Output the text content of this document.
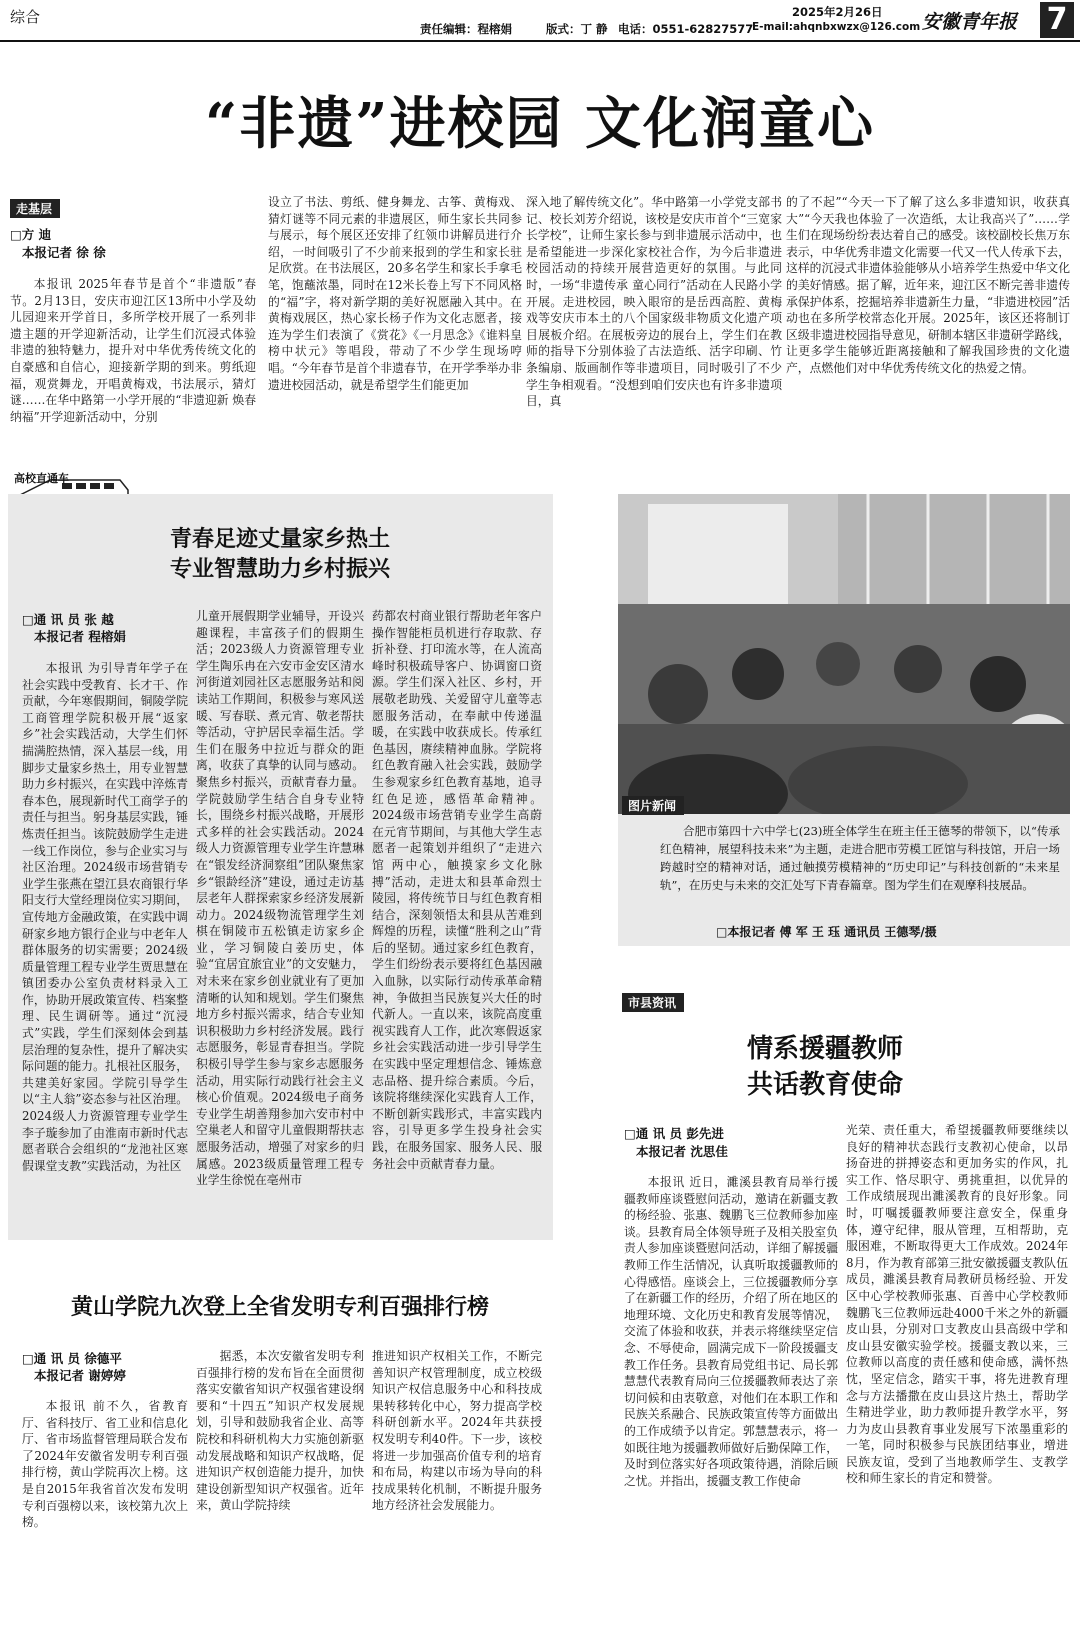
综合	2025年2月26日
责任编辑：程榕娟	版式：丁 静 电话：0551-62827577
E-mail:ahqnbxwzx@126.com 安徽青年报 7
“非遗”进校园 文化润童心
走基层
□方 迪
本报记者 徐 徐

本报讯 2025年春节是首个“非遗版”春节。2月13日，安庆市迎江区13所中小学及幼儿园迎来开学首日，多所学校开展了一系列非遗主题的开学迎新活动，让学生们沉浸式体验非遗的独特魅力，提升对中华优秀传统文化的自豪感和自信心，迎接新学期的到来。剪纸迎福，观赏舞龙，开唱黄梅戏，书法展示，猜灯谜……在华中路第一小学开展的“非遗迎新 焕春纳福”开学迎新活动中，分别

设立了书法、剪纸、健身舞龙、古筝、黄梅戏、猜灯谜等不同元素的非遗展区，师生家长共同参与展示，每个展区还安排了红领巾讲解员进行介绍，一时间吸引了不少前来报到的学生和家长驻足欣赏。在书法展区，20多名学生和家长手拿毛笔，饱蘸浓墨，同时在12米长卷上写下不同风格的“福”字，将对新学期的美好祝愿融入其中。在黄梅戏展区，热心家长杨子作为文化志愿者，接连为学生们表演了《赏花》《一月思念》《谁料皇榜中状元》等唱段，带动了不少学生现场哼唱。“今年春节是首个非遗春节，在开学季举办非遗进校园活动，就是希望学生们能更加

深入地了解传统文化”。华中路第一小学党支部书记、校长刘芳介绍说，该校是安庆市首个“三宽家长学校”，让师生家长参与到非遗展示活动中，也是希望能进一步深化家校社合作，为今后非遗进校园活动的持续开展营造更好的氛围。与此同时，一场“非遗传承 童心同行”活动在人民路小学开展。走进校园，映入眼帘的是岳西高腔、黄梅戏等安庆市本土的八个国家级非物质文化遗产项目展板介绍。在展板旁边的展台上，学生们在教师的指导下分别体验了古法造纸、活字印刷、竹条编扇、版画制作等非遗项目，同时吸引了不少学生争相观看。“没想到咱们安庆也有许多非遗项目，真

的了不起”“今天一下了解了这么多非遗知识，收获真大”“今天我也体验了一次造纸，太让我高兴了”……学生们在现场纷纷表达着自己的感受。该校副校长焦万东表示，中华优秀非遗文化需要一代又一代人传承下去，这样的沉浸式非遗体验能够从小培养学生热爱中华文化的美好情感。据了解，近年来，迎江区不断完善非遗传承保护体系，挖掘培养非遗新生力量，“非遗进校园”活动也在多所学校常态化开展。2025年，该区还将制订区级非遗进校园指导意见，研制本辖区非遗研学路线，让更多学生能够近距离接触和了解我国珍贵的文化遗产，点燃他们对中华优秀传统文化的热爱之情。

高校直通车
青春足迹丈量家乡热土
专业智慧助力乡村振兴
□通 讯 员 张 越
本报记者 程榕娟

本报讯 为引导青年学子在社会实践中受教育、长才干、作贡献，今年寒假期间，铜陵学院工商管理学院积极开展“返家乡”社会实践活动，大学生们怀揣满腔热情，深入基层一线，用脚步丈量家乡热土，用专业智慧助力乡村振兴，在实践中淬炼青春本色，展现新时代工商学子的责任与担当。躬身基层实践，锤炼责任担当。该院鼓励学生走进一线工作岗位，参与企业实习与社区治理。2024级市场营销专业学生张燕在望江县农商银行华阳支行大堂经理岗位实习期间，宣传地方金融政策，在实践中调研家乡地方银行企业与中老年人群体服务的切实需要；2024级质量管理工程专业学生贾思慧在镇团委办公室负责材料录入工作，协助开展政策宣传、档案整理、民生调研等。通过“沉浸式”实践，学生们深刻体会到基层治理的复杂性，提升了解决实际问题的能力。扎根社区服务，共建美好家园。学院引导学生以“主人翁”姿态参与社区治理。2024级人力资源管理专业学生李子璇参加了由淮南市新时代志愿者联合会组织的“龙池社区寒假课堂支教”实践活动，为社区

儿童开展假期学业辅导，开设兴趣课程，丰富孩子们的假期生活；2023级人力资源管理专业学生陶乐冉在六安市金安区清水河街道刘园社区志愿服务站和阅读站工作期间，积极参与寒风送暖、写春联、煮元宵、敬老帮扶等活动，守护居民幸福生活。学生们在服务中拉近与群众的距离，收获了真挚的认同与感动。聚焦乡村振兴，贡献青春力量。学院鼓励学生结合自身专业特长，围绕乡村振兴战略，开展形式多样的社会实践活动。2024级人力资源管理专业学生许慧琳在“银发经济洞察组”团队聚焦家乡“银龄经济”建设，通过走访基层老年人群探索家乡经济发展新动力。2024级物流管理学生刘棋在铜陵市五松镇走访家乡企业，学习铜陵白姜历史，体验“宜居宜旅宜业”的文安魅力，对未来在家乡创业就业有了更加清晰的认知和规划。学生们聚焦地方乡村振兴需求，结合专业知识积极助力乡村经济发展。践行志愿服务，彰显青春担当。学院积极引导学生参与家乡志愿服务活动，用实际行动践行社会主义核心价值观。2024级电子商务专业学生胡善翔参加六安市村中空巢老人和留守儿童假期帮扶志愿服务活动，增强了对家乡的归属感。2023级质量管理工程专业学生徐悦在亳州市

药都农村商业银行帮助老年客户操作智能柜员机进行存取款、存折补登、打印流水等，在人流高峰时积极疏导客户、协调窗口资源。学生们深入社区、乡村，开展敬老助残、关爱留守儿童等志愿服务活动，在奉献中传递温暖，在实践中收获成长。传承红色基因，赓续精神血脉。学院将红色教育融入社会实践，鼓励学生参观家乡红色教育基地，追寻红色足迹，感悟革命精神。2024级市场营销专业学生高蔚在元宵节期间，与其他大学生志愿者一起策划并组织了“走进六馆 两中心，触摸家乡文化脉搏”活动，走进太和县革命烈士陵园，将传统节日与红色教育相结合，深刻领悟太和县从苦难到辉煌的历程，读懂“胜利之山”背后的坚韧。通过家乡红色教育，学生们纷纷表示要将红色基因融入血脉，以实际行动传承革命精神，争做担当民族复兴大任的时代新人。一直以来，该院高度重视实践育人工作，此次寒假返家乡社会实践活动进一步引导学生在实践中坚定理想信念、锤炼意志品格、提升综合素质。今后，该院将继续深化实践育人工作，不断创新实践形式，丰富实践内容，引导更多学生投身社会实践，在服务国家、服务人民、服务社会中贡献青春力量。

黄山学院九次登上全省发明专利百强排行榜
□通 讯 员 徐德平
本报记者 谢婷婷

本报讯 前不久，省教育厅、省科技厅、省工业和信息化厅、省市场监督管理局联合发布了2024年安徽省发明专利百强排行榜，黄山学院再次上榜。这是自2015年我省首次发布发明专利百强榜以来，该校第九次上榜。

据悉，本次安徽省发明专利百强排行榜的发布旨在全面贯彻落实安徽省知识产权强省建设纲要和“十四五”知识产权发展规划，引导和鼓励我省企业、高等院校和科研机构大力实施创新驱动发展战略和知识产权战略，促进知识产权创造能力提升，加快建设创新型知识产权强省。近年来，黄山学院持续

推进知识产权相关工作，不断完善知识产权管理制度，成立校级知识产权信息服务中心和科技成果转移转化中心，努力提高学校科研创新水平。2024年共获授权发明专利40件。下一步，该校将进一步加强高价值专利的培育和布局，构建以市场为导向的科技成果转化机制，不断提升服务地方经济社会发展能力。

图片新闻
合肥市第四十六中学七(23)班全体学生在班主任王德琴的带领下，以“传承红色精神，展望科技未来”为主题，走进合肥市劳模工匠馆与科技馆，开启一场跨越时空的精神对话，通过触摸劳模精神的“历史印记”与科技创新的“未来星轨”，在历史与未来的交汇处写下青春篇章。图为学生们在观摩科技展品。
□本报记者 傅 军 王 珏 通讯员 王德琴/摄
市县资讯
情系援疆教师
共话教育使命
□通 讯 员 彭先进
本报记者 沈思佳

本报讯 近日，濉溪县教育局举行援疆教师座谈暨慰问活动，邀请在新疆支教的杨经验、张惠、魏鹏飞三位教师参加座谈。县教育局全体领导班子及相关股室负责人参加座谈暨慰问活动，详细了解援疆教师工作生活情况，认真听取援疆教师的心得感悟。座谈会上，三位援疆教师分享了在新疆工作的经历，介绍了所在地区的地理环境、文化历史和教育发展等情况，交流了体验和收获，并表示将继续坚定信念、不辱使命，圆满完成下一阶段援疆支教工作任务。县教育局党组书记、局长郭慧慧代表教育局向三位援疆教师表达了亲切问候和由衷敬意，对他们在本职工作和民族关系融合、民族政策宣传等方面做出的工作成绩予以肯定。郭慧慧表示，将一如既往地为援疆教师做好后勤保障工作，及时到位落实好各项政策待遇，消除后顾之忧。并指出，援疆支教工作使命

光荣、责任重大，希望援疆教师要继续以良好的精神状态践行支教初心使命，以昂扬奋进的拼搏姿态和更加务实的作风，扎实工作、恪尽职守、勇挑重担，以优异的工作成绩展现出濉溪教育的良好形象。同时，叮嘱援疆教师要注意安全，保重身体，遵守纪律，服从管理，互相帮助，克服困难，不断取得更大工作成效。2024年8月，作为教育部第三批安徽援疆支教队伍成员，濉溪县教育局教研员杨经验、开发区中心学校教师张惠、百善中心学校教师魏鹏飞三位教师远赴4000千米之外的新疆皮山县，分别对口支教皮山县高级中学和皮山县安徽实验学校。援疆支教以来，三位教师以高度的责任感和使命感，满怀热忱，坚定信念，踏实干事，将先进教育理念与方法播撒在皮山县这片热土，帮助学生精进学业，助力教师提升教学水平，努力为皮山县教育事业发展写下浓墨重彩的一笔，同时积极参与民族团结事业，增进民族友谊，受到了当地教师学生、支教学校和师生家长的肯定和赞誉。
